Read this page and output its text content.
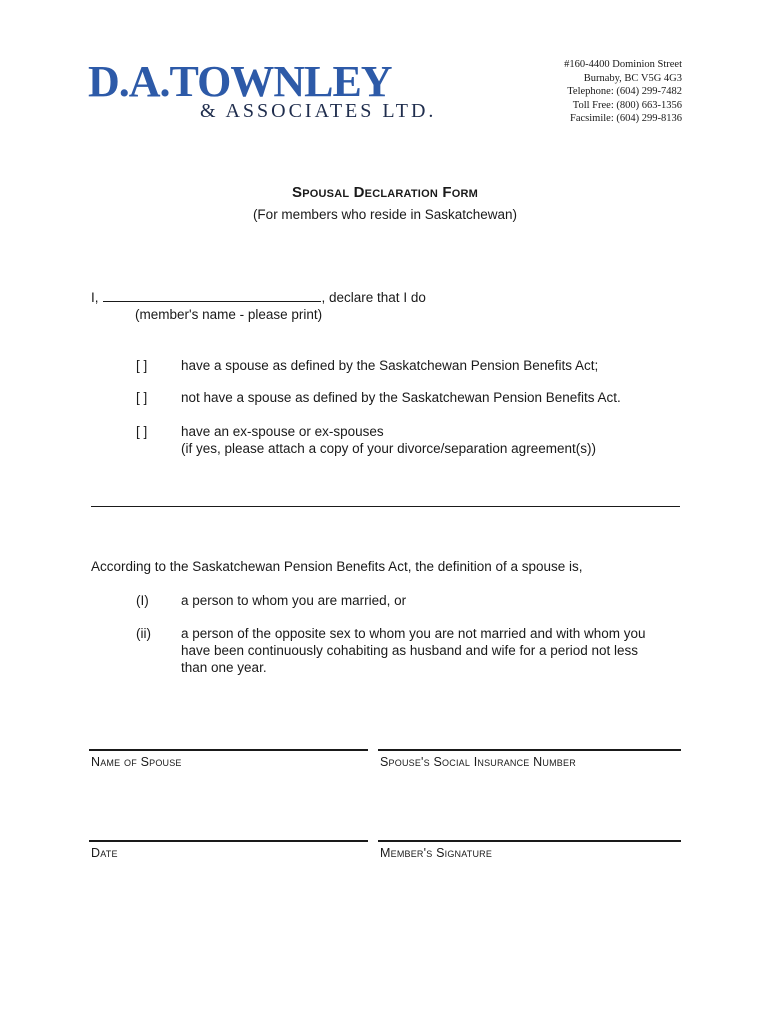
D.A.TOWNLEY
& ASSOCIATES LTD.
#160-4400 Dominion Street
Burnaby, BC V5G 4G3
Telephone: (604) 299-7482
Toll Free: (800) 663-1356
Facsimile: (604) 299-8136
Spousal Declaration Form
(For members who reside in Saskatchewan)
I,	, declare that I do
(member's name - please print)
[ ] have a spouse as defined by the Saskatchewan Pension Benefits Act;
[ ] not have a spouse as defined by the Saskatchewan Pension Benefits Act.
[ ] have an ex-spouse or ex-spouses
(if yes, please attach a copy of your divorce/separation agreement(s))
According to the Saskatchewan Pension Benefits Act, the definition of a spouse is,
(I) a person to whom you are married, or
(ii) a person of the opposite sex to whom you are not married and with whom you
have been continuously cohabiting as husband and wife for a period not less
than one year.
Name of Spouse	Spouse's Social Insurance Number
Date	Member's Signature
